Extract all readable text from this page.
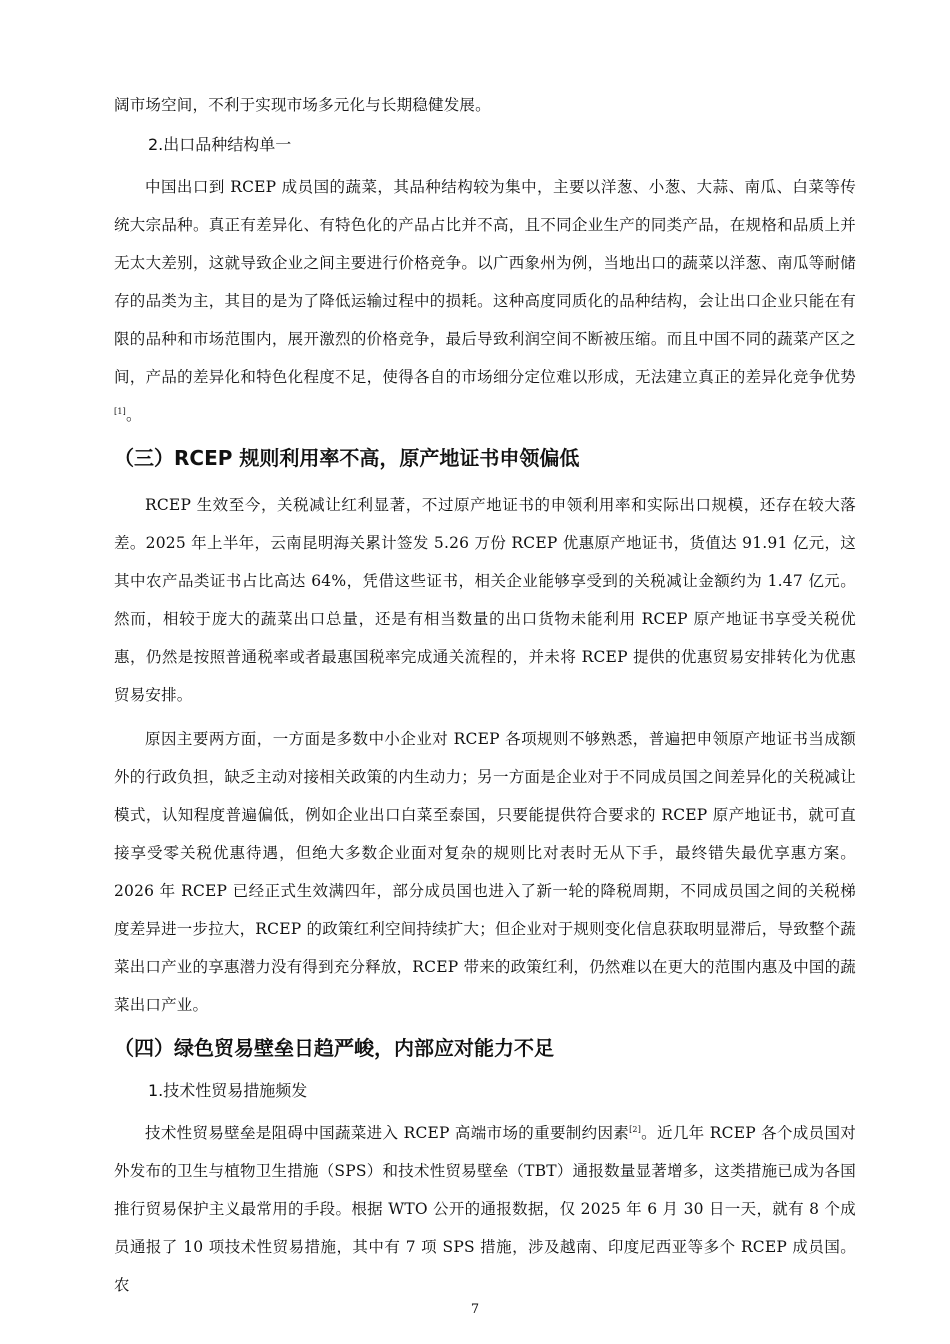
阔市场空间，不利于实现市场多元化与长期稳健发展。

2.出口品种结构单一

中国出口到 RCEP 成员国的蔬菜，其品种结构较为集中，主要以洋葱、小葱、大蒜、南瓜、白菜等传统大宗品种。真正有差异化、有特色化的产品占比并不高，且不同企业生产的同类产品，在规格和品质上并无太大差别，这就导致企业之间主要进行价格竞争。以广西象州为例，当地出口的蔬菜以洋葱、南瓜等耐储存的品类为主，其目的是为了降低运输过程中的损耗。这种高度同质化的品种结构，会让出口企业只能在有限的品种和市场范围内，展开激烈的价格竞争，最后导致利润空间不断被压缩。而且中国不同的蔬菜产区之间，产品的差异化和特色化程度不足，使得各自的市场细分定位难以形成，无法建立真正的差异化竞争优势[1]。

（三）RCEP 规则利用率不高，原产地证书申领偏低

RCEP 生效至今，关税减让红利显著，不过原产地证书的申领利用率和实际出口规模，还存在较大落差。2025 年上半年，云南昆明海关累计签发 5.26 万份 RCEP 优惠原产地证书，货值达 91.91 亿元，这其中农产品类证书占比高达 64%，凭借这些证书，相关企业能够享受到的关税减让金额约为 1.47 亿元。然而，相较于庞大的蔬菜出口总量，还是有相当数量的出口货物未能利用 RCEP 原产地证书享受关税优惠，仍然是按照普通税率或者最惠国税率完成通关流程的，并未将 RCEP 提供的优惠贸易安排转化为优惠贸易安排。

原因主要两方面，一方面是多数中小企业对 RCEP 各项规则不够熟悉，普遍把申领原产地证书当成额外的行政负担，缺乏主动对接相关政策的内生动力；另一方面是企业对于不同成员国之间差异化的关税减让模式，认知程度普遍偏低，例如企业出口白菜至泰国，只要能提供符合要求的 RCEP 原产地证书，就可直接享受零关税优惠待遇，但绝大多数企业面对复杂的规则比对表时无从下手，最终错失最优享惠方案。2026 年 RCEP 已经正式生效满四年，部分成员国也进入了新一轮的降税周期，不同成员国之间的关税梯度差异进一步拉大，RCEP 的政策红利空间持续扩大；但企业对于规则变化信息获取明显滞后，导致整个蔬菜出口产业的享惠潜力没有得到充分释放，RCEP 带来的政策红利，仍然难以在更大的范围内惠及中国的蔬菜出口产业。

（四）绿色贸易壁垒日趋严峻，内部应对能力不足
1.技术性贸易措施频发

技术性贸易壁垒是阻碍中国蔬菜进入 RCEP 高端市场的重要制约因素[2]。近几年 RCEP 各个成员国对外发布的卫生与植物卫生措施（SPS）和技术性贸易壁垒（TBT）通报数量显著增多，这类措施已成为各国推行贸易保护主义最常用的手段。根据 WTO 公开的通报数据，仅 2025 年 6 月 30 日一天，就有 8 个成员通报了 10 项技术性贸易措施，其中有 7 项 SPS 措施，涉及越南、印度尼西亚等多个 RCEP 成员国。农

7
